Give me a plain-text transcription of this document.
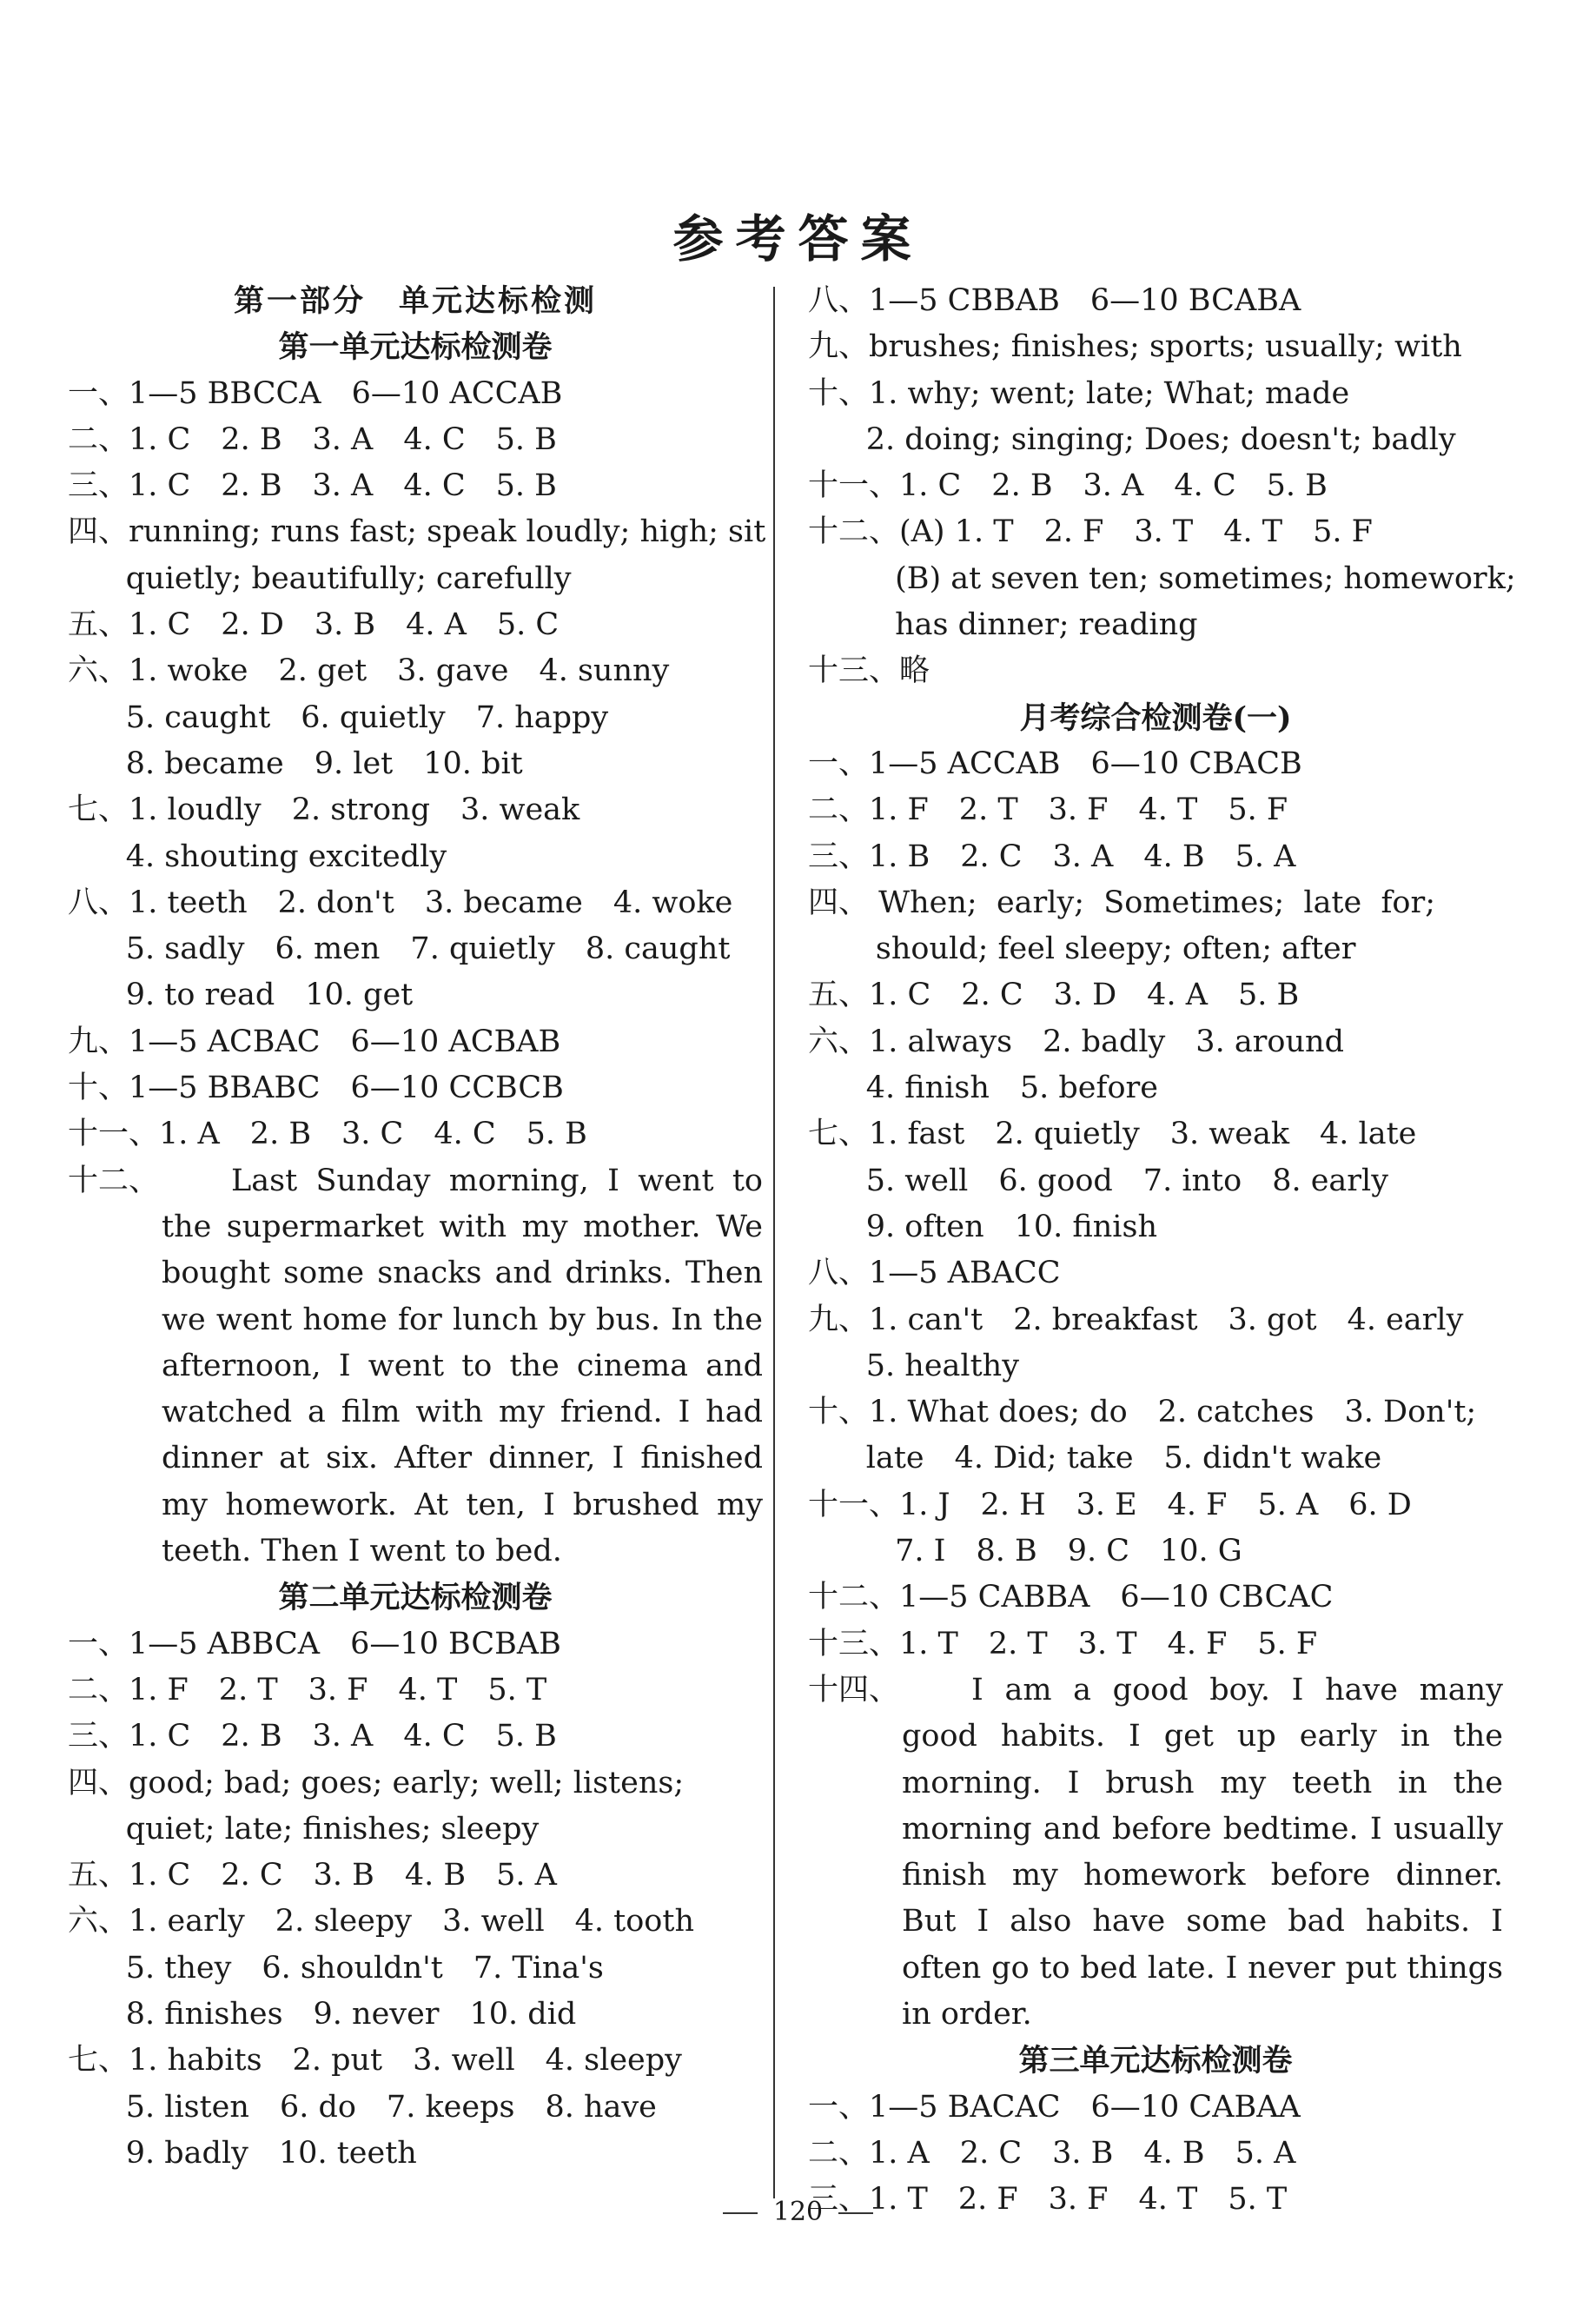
参考答案
第一部分　单元达标检测
第一单元达标检测卷
一、1—5 BBCCA　6—10 ACCAB
二、1. C　2. B　3. A　4. C　5. B
三、1. C　2. B　3. A　4. C　5. B
四、running; runs fast; speak loudly; high; sit
quietly; beautifully; carefully
五、1. C　2. D　3. B　4. A　5. C
六、1. woke　2. get　3. gave　4. sunny
5. caught　6. quietly　7. happy
8. became　9. let　10. bit
七、1. loudly　2. strong　3. weak
4. shouting excitedly
八、1. teeth　2. don't　3. became　4. woke
5. sadly　6. men　7. quietly　8. caught
9. to read　10. get
九、1—5 ACBAC　6—10 ACBAB
十、1—5 BBABC　6—10 CCBCB
十一、1. A　2. B　3. C　4. C　5. B
十二、	Last Sunday morning, I went to the supermarket with my mother. We bought some snacks and drinks. Then we went home for lunch by bus. In the afternoon, I went to the cinema and watched a film with my friend. I had dinner at six. After dinner, I finished my homework. At ten, I brushed my teeth. Then I went to bed.
第二单元达标检测卷
一、1—5 ABBCA　6—10 BCBAB
二、1. F　2. T　3. F　4. T　5. T
三、1. C　2. B　3. A　4. C　5. B
四、good; bad; goes; early; well; listens;
quiet; late; finishes; sleepy
五、1. C　2. C　3. B　4. B　5. A
六、1. early　2. sleepy　3. well　4. tooth
5. they　6. shouldn't　7. Tina's
8. finishes　9. never　10. did
七、1. habits　2. put　3. well　4. sleepy
5. listen　6. do　7. keeps　8. have
9. badly　10. teeth
八、1—5 CBBAB　6—10 BCABA
九、brushes; finishes; sports; usually; with
十、1. why; went; late; What; made
2. doing; singing; Does; doesn't; badly
十一、1. C　2. B　3. A　4. C　5. B
十二、(A) 1. T　2. F　3. T　4. T　5. F
(B) at seven ten; sometimes; homework;
has dinner; reading
十三、略
月考综合检测卷(一)
一、1—5 ACCAB　6—10 CBACB
二、1. F　2. T　3. F　4. T　5. F
三、1. B　2. C　3. A　4. B　5. A
四、 When;  early;  Sometimes;  late  for;
should; feel sleepy; often; after
五、1. C　2. C　3. D　4. A　5. B
六、1. always　2. badly　3. around
4. finish　5. before
七、1. fast　2. quietly　3. weak　4. late
5. well　6. good　7. into　8. early
9. often　10. finish
八、1—5 ABACC
九、1. can't　2. breakfast　3. got　4. early
5. healthy
十、1. What does; do　2. catches　3. Don't;
late　4. Did; take　5. didn't wake
十一、1. J　2. H　3. E　4. F　5. A　6. D
7. I　8. B　9. C　10. G
十二、1—5 CABBA　6—10 CBCAC
十三、1. T　2. T　3. T　4. F　5. F
十四、	I am a good boy. I have many good habits. I get up early in the morning. I brush my teeth in the morning and before bedtime. I usually finish my homework before dinner. But I also have some bad habits. I often go to bed late. I never put things in order.
第三单元达标检测卷
一、1—5 BACAC　6—10 CABAA
二、1. A　2. C　3. B　4. B　5. A
三、1. T　2. F　3. F　4. T　5. T
120
